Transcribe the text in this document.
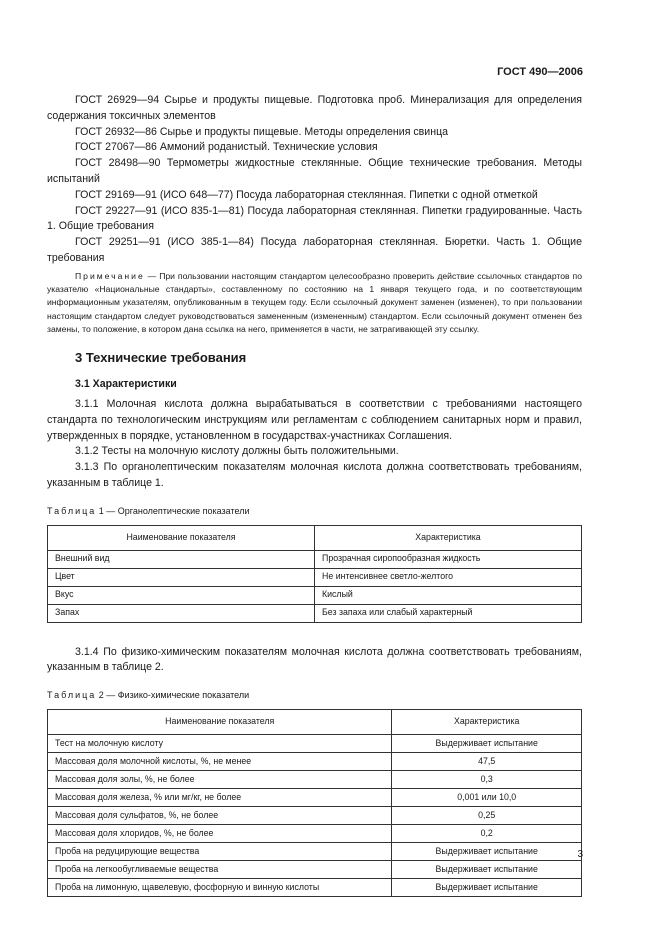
ГОСТ 490—2006

ГОСТ 26929—94 Сырье и продукты пищевые. Подготовка проб. Минерализация для определения содержания токсичных элементов

ГОСТ 26932—86 Сырье и продукты пищевые. Методы определения свинца

ГОСТ 27067—86 Аммоний роданистый. Технические условия

ГОСТ 28498—90 Термометры жидкостные стеклянные. Общие технические требования. Методы испытаний

ГОСТ 29169—91 (ИСО 648—77) Посуда лабораторная стеклянная. Пипетки с одной отметкой

ГОСТ 29227—91 (ИСО 835-1—81) Посуда лабораторная стеклянная. Пипетки градуированные. Часть 1. Общие требования

ГОСТ 29251—91 (ИСО 385-1—84) Посуда лабораторная стеклянная. Бюретки. Часть 1. Общие требования

Примечание — При пользовании настоящим стандартом целесообразно проверить действие ссылочных стандартов по указателю «Национальные стандарты», составленному по состоянию на 1 января текущего года, и по соответствующим информационным указателям, опубликованным в текущем году. Если ссылочный документ заменен (изменен), то при пользовании настоящим стандартом следует руководствоваться замененным (измененным) стандартом. Если ссылочный документ отменен без замены, то положение, в котором дана ссылка на него, применяется в части, не затрагивающей эту ссылку.

3 Технические требования
3.1 Характеристики

3.1.1 Молочная кислота должна вырабатываться в соответствии с требованиями настоящего стандарта по технологическим инструкциям или регламентам с соблюдением санитарных норм и правил, утвержденных в порядке, установленном в государствах-участниках Соглашения.

3.1.2 Тесты на молочную кислоту должны быть положительными.

3.1.3 По органолептическим показателям молочная кислота должна соответствовать требованиям, указанным в таблице 1.

Таблица 1 — Органолептические показатели
Наименование показателя	Характеристика
Внешний вид	Прозрачная сиропообразная жидкость
Цвет	Не интенсивнее светло-желтого
Вкус	Кислый
Запах	Без запаха или слабый характерный

3.1.4 По физико-химическим показателям молочная кислота должна соответствовать требованиям, указанным в таблице 2.

Таблица 2 — Физико-химические показатели
Наименование показателя	Характеристика
Тест на молочную кислоту	Выдерживает испытание
Массовая доля молочной кислоты, %, не менее	47,5
Массовая доля золы, %, не более	0,3
Массовая доля железа, % или мг/кг, не более	0,001 или 10,0
Массовая доля сульфатов, %, не более	0,25
Массовая доля хлоридов, %, не более	0,2
Проба на редуцирующие вещества	Выдерживает испытание
Проба на легкообугливаемые вещества	Выдерживает испытание
Проба на лимонную, щавелевую, фосфорную и винную кислоты	Выдерживает испытание
3
